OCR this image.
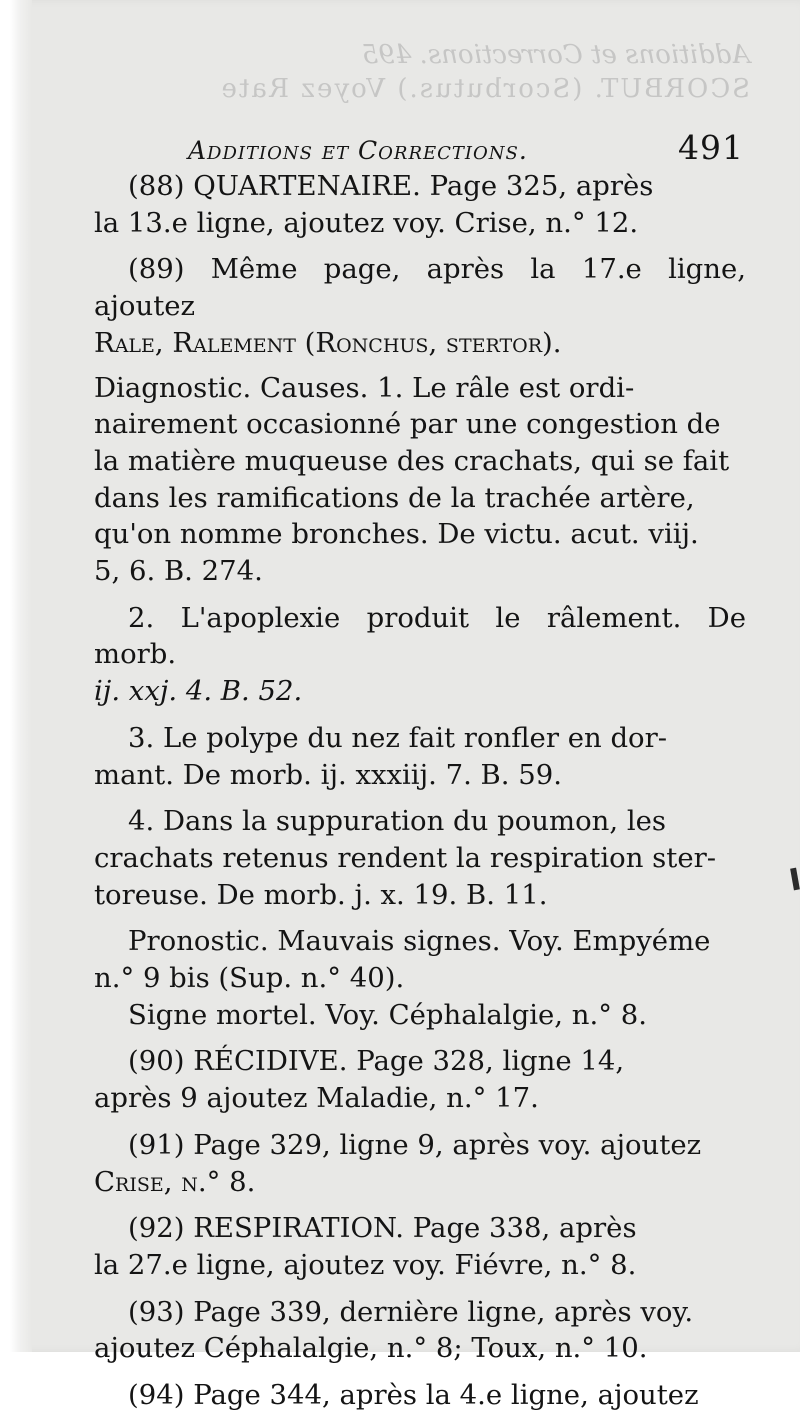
Additions et Corrections. 495
SCORBUT. (Scorbutus.) Voyez Rate
Additions et Corrections.	491

(88) QUARTENAIRE. Page 325, après
la 13.e ligne, ajoutez voy. Crise, n.° 12.

(89) Même page, après la 17.e ligne, ajoutez
Rale, Ralement (Ronchus, stertor).

Diagnostic. Causes. 1. Le râle est ordi-
nairement occasionné par une congestion de
la matière muqueuse des crachats, qui se fait
dans les ramifications de la trachée artère,
qu'on nomme bronches. De victu. acut. viij.
5, 6. B. 274.

2. L'apoplexie produit le râlement. De morb.
ij. xxj. 4. B. 52.

3. Le polype du nez fait ronfler en dor-
mant. De morb. ij. xxxiij. 7. B. 59.

4. Dans la suppuration du poumon, les
crachats retenus rendent la respiration ster-
toreuse. De morb. j. x. 19. B. 11.

Pronostic. Mauvais signes. Voy. Empyéme
n.° 9 bis (Sup. n.° 40).

Signe mortel. Voy. Céphalalgie, n.° 8.

(90) RÉCIDIVE. Page 328, ligne 14,
après 9 ajoutez Maladie, n.° 17.

(91) Page 329, ligne 9, après voy. ajoutez
Crise, n.° 8.

(92) RESPIRATION. Page 338, après
la 27.e ligne, ajoutez voy. Fiévre, n.° 8.

(93) Page 339, dernière ligne, après voy.
ajoutez Céphalalgie, n.° 8; Toux, n.° 10.

(94) Page 344, après la 4.e ligne, ajoutez
